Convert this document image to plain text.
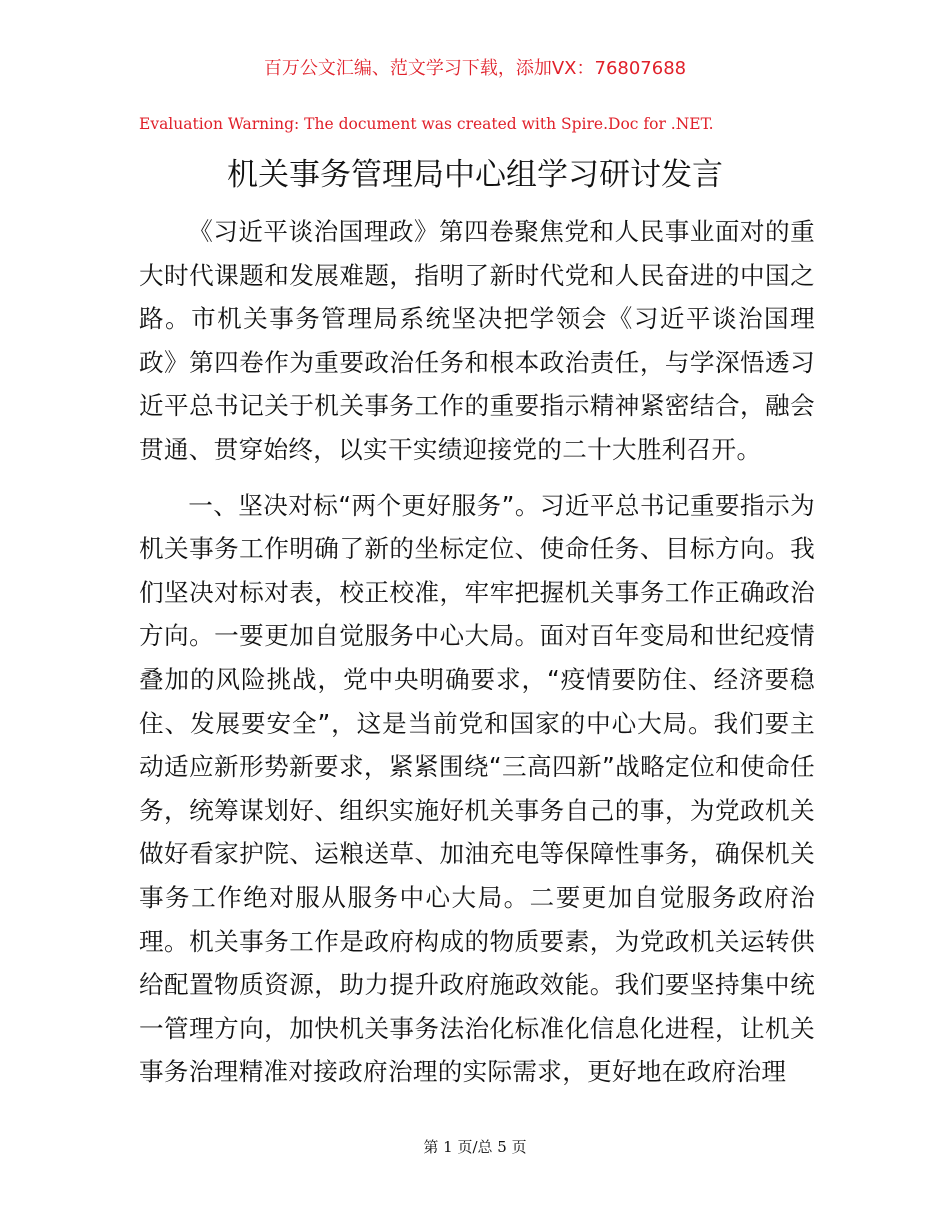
百万公文汇编、范文学习下载，添加VX：76807688
Evaluation Warning: The document was created with Spire.Doc for .NET.
机关事务管理局中心组学习研讨发言

《习近平谈治国理政》第四卷聚焦党和人民事业面对的重大时代课题和发展难题，指明了新时代党和人民奋进的中国之路。市机关事务管理局系统坚决把学领会《习近平谈治国理政》第四卷作为重要政治任务和根本政治责任，与学深悟透习近平总书记关于机关事务工作的重要指示精神紧密结合，融会贯通、贯穿始终，以实干实绩迎接党的二十大胜利召开。

一、坚决对标“两个更好服务”。习近平总书记重要指示为机关事务工作明确了新的坐标定位、使命任务、目标方向。我们坚决对标对表，校正校准，牢牢把握机关事务工作正确政治方向。一要更加自觉服务中心大局。面对百年变局和世纪疫情叠加的风险挑战，党中央明确要求，“疫情要防住、经济要稳住、发展要安全”，这是当前党和国家的中心大局。我们要主动适应新形势新要求，紧紧围绕“三高四新”战略定位和使命任务，统筹谋划好、组织实施好机关事务自己的事，为党政机关做好看家护院、运粮送草、加油充电等保障性事务，确保机关事务工作绝对服从服务中心大局。二要更加自觉服务政府治理。机关事务工作是政府构成的物质要素，为党政机关运转供给配置物质资源，助力提升政府施政效能。我们要坚持集中统一管理方向，加快机关事务法治化标准化信息化进程，让机关事务治理精准对接政府治理的实际需求，更好地在政府治理

第 1 页/总 5 页
